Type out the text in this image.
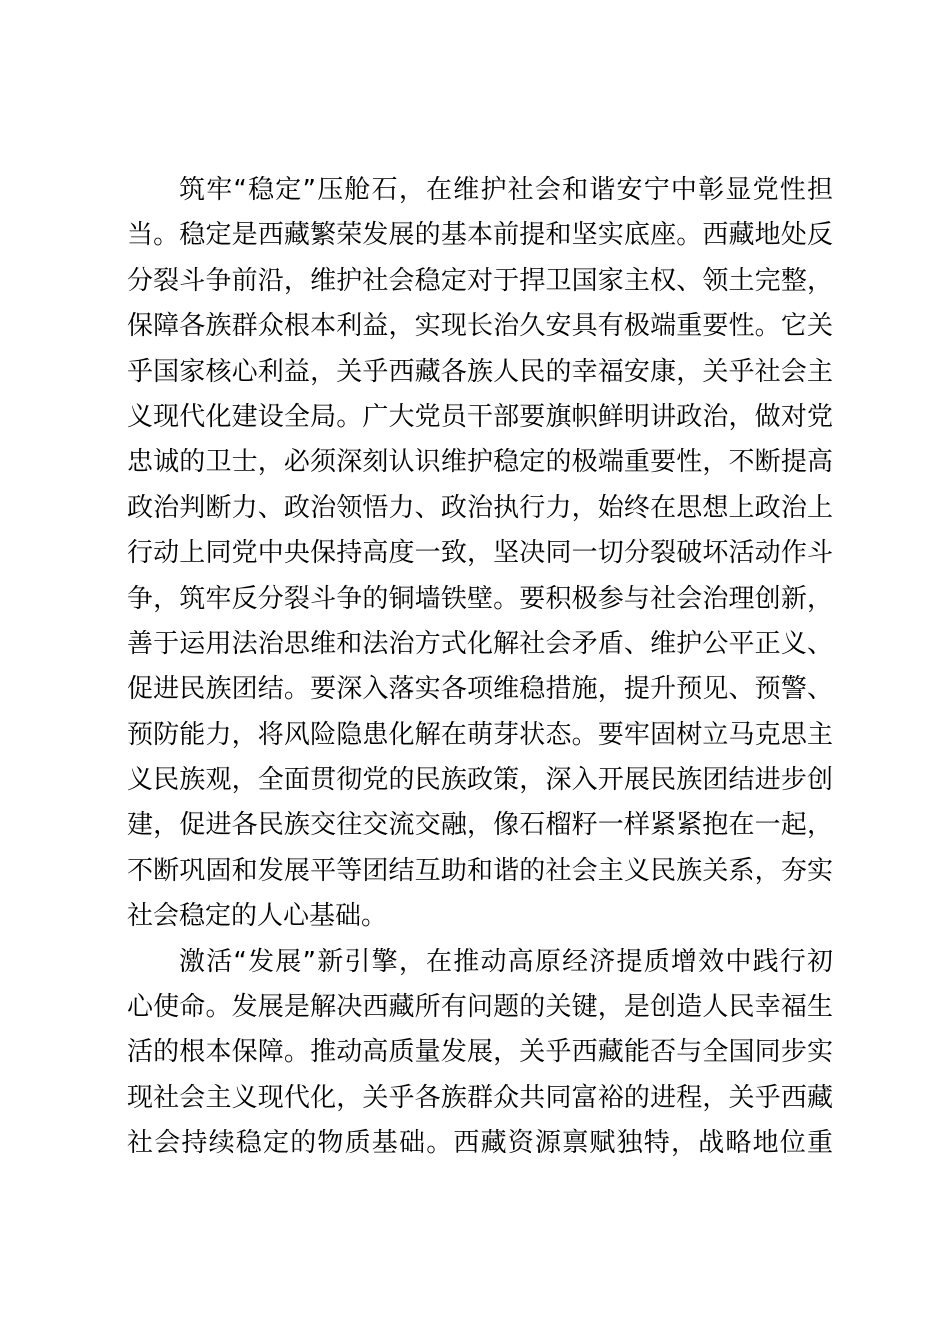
筑牢“稳定”压舱石，在维护社会和谐安宁中彰显党性担
当。稳定是西藏繁荣发展的基本前提和坚实底座。西藏地处反
分裂斗争前沿，维护社会稳定对于捍卫国家主权、领土完整，
保障各族群众根本利益，实现长治久安具有极端重要性。它关
乎国家核心利益，关乎西藏各族人民的幸福安康，关乎社会主
义现代化建设全局。广大党员干部要旗帜鲜明讲政治，做对党
忠诚的卫士，必须深刻认识维护稳定的极端重要性，不断提高
政治判断力、政治领悟力、政治执行力，始终在思想上政治上
行动上同党中央保持高度一致，坚决同一切分裂破坏活动作斗
争，筑牢反分裂斗争的铜墙铁壁。要积极参与社会治理创新，
善于运用法治思维和法治方式化解社会矛盾、维护公平正义、
促进民族团结。要深入落实各项维稳措施，提升预见、预警、
预防能力，将风险隐患化解在萌芽状态。要牢固树立马克思主
义民族观，全面贯彻党的民族政策，深入开展民族团结进步创
建，促进各民族交往交流交融，像石榴籽一样紧紧抱在一起，
不断巩固和发展平等团结互助和谐的社会主义民族关系，夯实
社会稳定的人心基础。
激活“发展”新引擎，在推动高原经济提质增效中践行初
心使命。发展是解决西藏所有问题的关键，是创造人民幸福生
活的根本保障。推动高质量发展，关乎西藏能否与全国同步实
现社会主义现代化，关乎各族群众共同富裕的进程，关乎西藏
社会持续稳定的物质基础。西藏资源禀赋独特，战略地位重
